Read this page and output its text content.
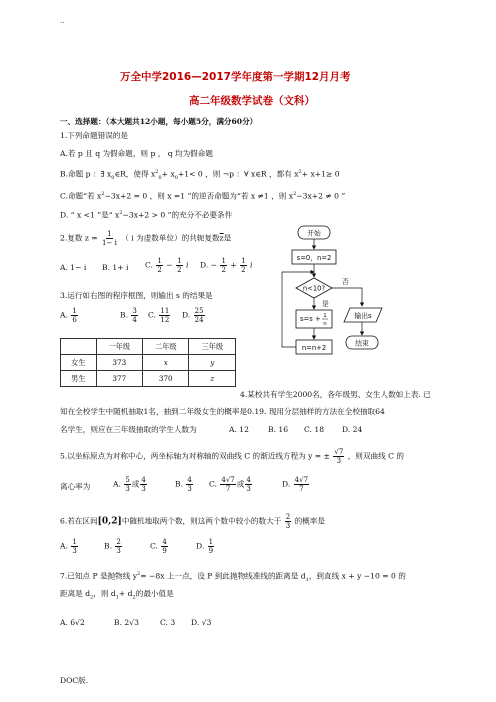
..
万全中学2016—2017学年度第一学期12月月考
高二年级数学试卷（文科）
一、选择题：（本大题共12小题，每小题5分，满分60分）
1.下列命题错误的是
A.若 p 且 q 为假命题，则 p ， q 均为假命题
B.命题 p ：∃ $x_0\in R$，使得 $x^2_0+ x_0+1< 0$ ，则 ¬p ：∀ x∈R ，都有 $x^2+ x+1\ge 0$
C.命题“若 $x^2-3x+2 = 0$ ，则 x =1 ”的逆否命题为“若 x ≠1 ，则 $x^2-3x+2 \ne 0$ ”
D. “ x <1 ”是“ $x^2-3x+2 > 0$ ”的充分不必要条件
2.复数 $z = \frac{1}{1- i}$ （ i 为虚数单位）的共轭复数$\overline{z}$是
A. 1− i B. 1+ i C. $\frac{1}{2} - \frac{1}{2}$ i D. − $\frac{1}{2} + \frac{1}{2}$ i
3.运行如右图的程序框图，则输出 s 的结果是
A. $\frac{1}{6}$	B. $\frac{3}{4} C$. $\frac{11}{12} D$. $\frac{25}{24}$
	一年级	二年级	三年级
女生	373	x	y
男生	377	370	z
开始
s=0，n=2
n<10?
是
否
输出s
结束
s=s + 1
n
n=n+2
4.某校共有学生2000名，各年级男、女生人数如上表. 已
知在全校学生中随机抽取1名，抽到二年级女生的概率是0.19. 现用分层抽样的方法在全校抽取64
名学生，则应在三年级抽取的学生人数为	A. 12	B. 16 C. 18 D. 24
5.以坐标原点为对称中心，两坐标轴为对称轴的双曲线 C 的渐近线方程为 y = ± $\frac{√7}{3}$ ，则双曲线 C 的
离心率为	A. $\frac{5}{3}$ 或 $\frac{4}{3}$	B. $\frac{4}{3} C$. $\frac{4√7}{7}$ 或 $\frac{4}{3}$	D. $\frac{4√7}{7}$
6.若在区间[0,2]中随机地取两个数，则这两个数中较小的数大于 $\frac{2}{3}$ 的概率是
A. $\frac{1}{3}$	B. $\frac{2}{3}$	C. $\frac{4}{9}$	D. $\frac{1}{9}$
7.已知点 P 是抛物线 $y^2= -8x$ 上一点，设 P 到此抛物线准线的距离是 $d_1$，到直线 x + y −10 = 0 的
距离是 $d_2$，则 $d_1+ d_2$的最小值是
A. 6√2	B. 2√3	C. 3 D. √3
DOC版.
